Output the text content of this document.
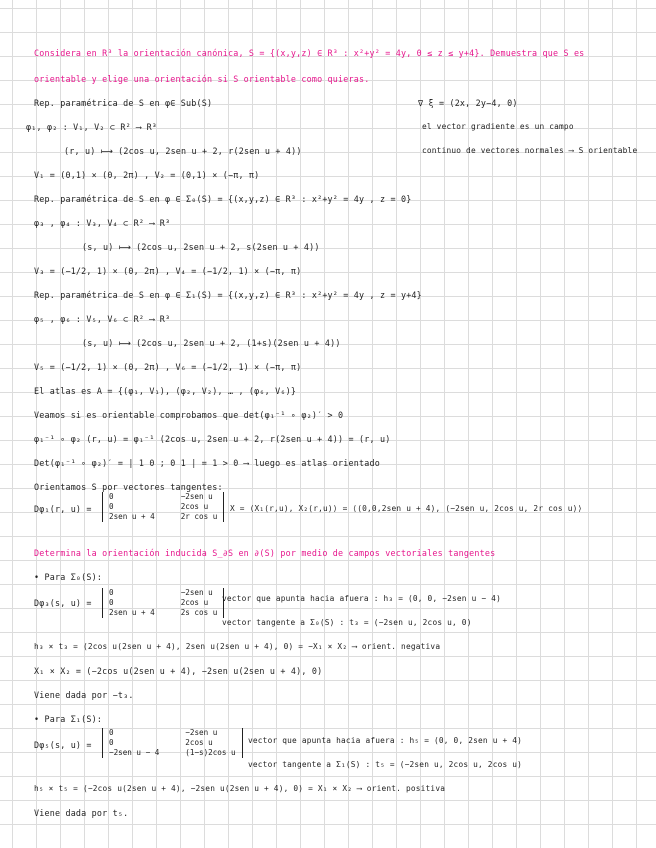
Considera en R³ la orientación canónica, S = {(x,y,z) ∈ R³ : x²+y² = 4y, 0 ≤ z ≤ y+4}. Demuestra que S es

orientable y elige una orientación si S orientable como quieras.

Rep. paramétrica de S en φ∈ Sub(S)	∇ ξ = (2x, 2y−4, 0)

φ₁, φ₂ : V₁, V₂ ⊂ R² ⟶ R³	el vector gradiente es un campo

(r, u) ⟼ (2cos u, 2sen u + 2, r(2sen u + 4))	continuo de vectores normales ⟶ S orientable

V₁ = (0,1) × (0, 2π) , V₂ = (0,1) × (−π, π)

Rep. paramétrica de S en φ ∈ Σ₀(S) = {(x,y,z) ∈ R³ : x²+y² = 4y , z = 0}

φ₃ , φ₄ : V₃, V₄ ⊂ R² ⟶ R³

(s, u) ⟼ (2cos u, 2sen u + 2, s(2sen u + 4))

V₃ = (−1/2, 1) × (0, 2π) , V₄ = (−1/2, 1) × (−π, π)

Rep. paramétrica de S en φ ∈ Σ₁(S) = {(x,y,z) ∈ R³ : x²+y² = 4y , z = y+4}

φ₅ , φ₆ : V₅, V₆ ⊂ R² ⟶ R³

(s, u) ⟼ (2cos u, 2sen u + 2, (1+s)(2sen u + 4))

V₅ = (−1/2, 1) × (0, 2π) , V₆ = (−1/2, 1) × (−π, π)

El atlas es A = {(φ₁, V₁), (φ₂, V₂), … , (φ₆, V₆)}

Veamos si es orientable comprobamos que det(φ₁⁻¹ ∘ φ₂)′ > 0

φ₁⁻¹ ∘ φ₂ (r, u) = φ₁⁻¹ (2cos u, 2sen u + 2, r(2sen u + 4)) = (r, u)

Det(φ₁⁻¹ ∘ φ₂)′ = | 1 0 ; 0 1 | = 1 > 0 ⟶ luego es atlas orientado

Orientamos S por vectores tangentes:

Dφ₁(r, u) =

0	−2sen u
0	2cos u
2sen u + 4	2r cos u

X = ⟨X₁(r,u), X₂(r,u)⟩ = ⟨(0,0,2sen u + 4), (−2sen u, 2cos u, 2r cos u)⟩

Determina la orientación inducida S_∂S en ∂(S) por medio de campos vectoriales tangentes

• Para Σ₀(S):

Dφ₃(s, u) =

0	−2sen u
0	2cos u
2sen u + 4	2s cos u

vector que apunta hacia afuera : h₃ = (0, 0, −2sen u − 4)

vector tangente a Σ₀(S) : t₃ = (−2sen u, 2cos u, 0)

h₃ × t₃ = (2cos u(2sen u + 4), 2sen u(2sen u + 4), 0) = −X₁ × X₂ ⟶ orient. negativa

X₁ × X₂ = (−2cos u(2sen u + 4), −2sen u(2sen u + 4), 0)

Viene dada por −t₃.

• Para Σ₁(S):

Dφ₅(s, u) =

0	−2sen u
0	2cos u
−2sen u − 4	(1−s)2cos u

vector que apunta hacia afuera : h₅ = (0, 0, 2sen u + 4)

vector tangente a Σ₁(S) : t₅ = (−2sen u, 2cos u, 2cos u)

h₅ × t₅ = (−2cos u(2sen u + 4), −2sen u(2sen u + 4), 0) = X₁ × X₂ ⟶ orient. positiva

Viene dada por t₅.
